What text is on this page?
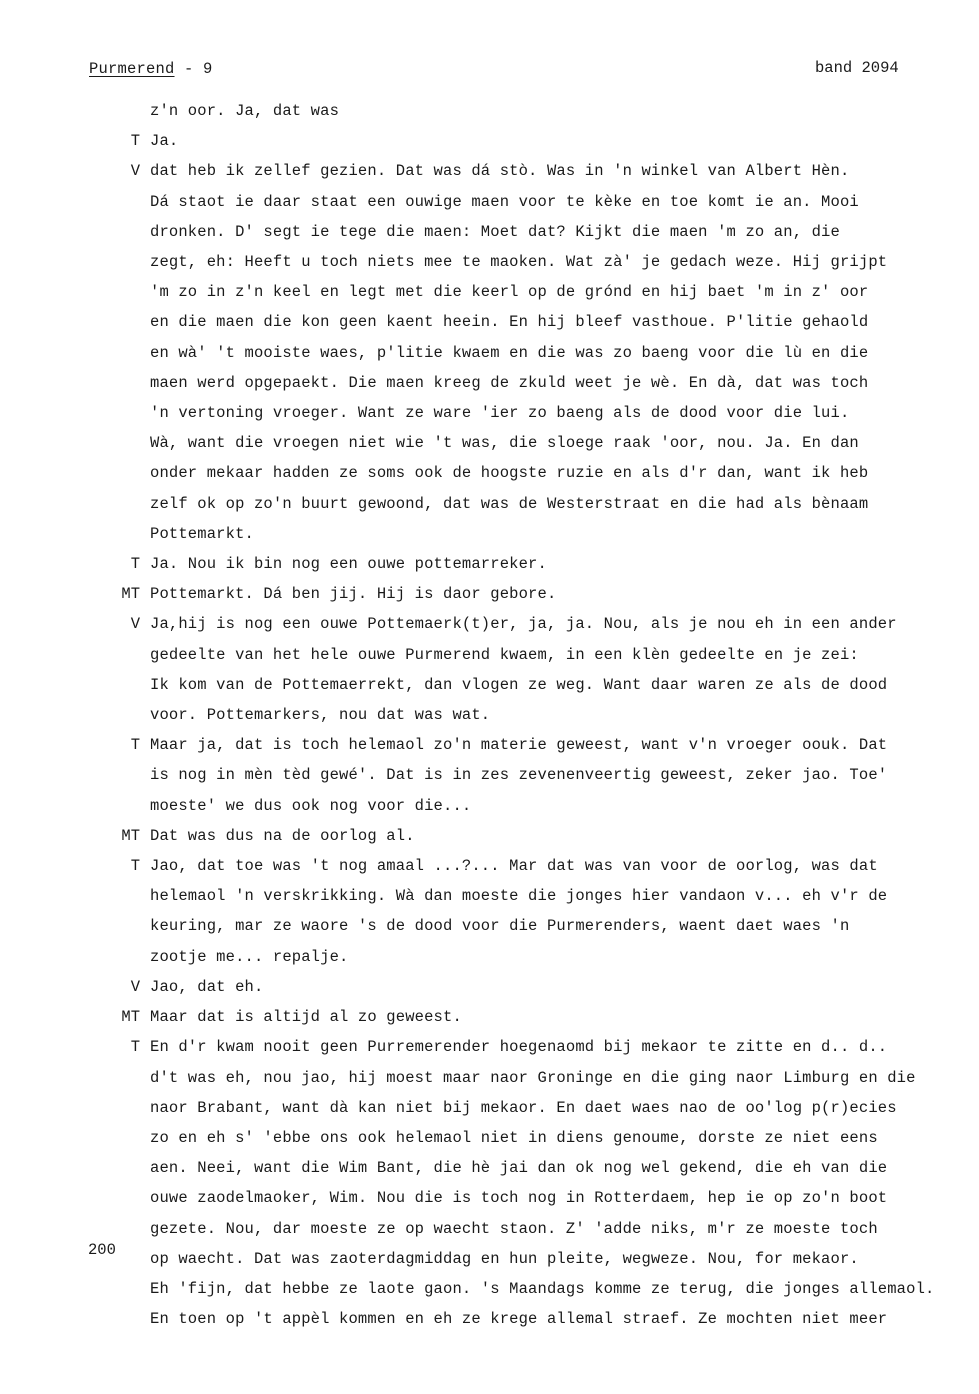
Purmerend - 9	band 2094
200
z'n oor. Ja, dat was
T Ja.
V dat heb ik zellef gezien. Dat was dá stò. Was in 'n winkel van Albert Hèn.
Dá staot ie daar staat een ouwige maen voor te kèke en toe komt ie an. Mooi
dronken. D' segt ie tege die maen: Moet dat? Kijkt die maen 'm zo an, die
zegt, eh: Heeft u toch niets mee te maoken. Wat zà' je gedach weze. Hij grijpt
'm zo in z'n keel en legt met die keerl op de grónd en hij baet 'm in z' oor
en die maen die kon geen kaent heein. En hij bleef vasthoue. P'litie gehaold
en wà' 't mooiste waes, p'litie kwaem en die was zo baeng voor die lù en die
maen werd opgepaekt. Die maen kreeg de zkuld weet je wè. En dà, dat was toch
'n vertoning vroeger. Want ze ware 'ier zo baeng als de dood voor die lui.
Wà, want die vroegen niet wie 't was, die sloege raak 'oor, nou. Ja. En dan
onder mekaar hadden ze soms ook de hoogste ruzie en als d'r dan, want ik heb
zelf ok op zo'n buurt gewoond, dat was de Westerstraat en die had als bènaam
Pottemarkt.
T Ja. Nou ik bin nog een ouwe pottemarreker.
MT Pottemarkt. Dá ben jij. Hij is daor gebore.
V Ja,hij is nog een ouwe Pottemaerk(t)er, ja, ja. Nou, als je nou eh in een ander
gedeelte van het hele ouwe Purmerend kwaem, in een klèn gedeelte en je zei:
Ik kom van de Pottemaerrekt, dan vlogen ze weg. Want daar waren ze als de dood
voor. Pottemarkers, nou dat was wat.
T Maar ja, dat is toch helemaol zo'n materie geweest, want v'n vroeger oouk. Dat
is nog in mèn tèd gewé'. Dat is in zes zevenenveertig geweest, zeker jao. Toe'
moeste' we dus ook nog voor die...
MT Dat was dus na de oorlog al.
T Jao, dat toe was 't nog amaal ...?... Mar dat was van voor de oorlog, was dat
helemaol 'n verskrikking. Wà dan moeste die jonges hier vandaon v... eh v'r de
keuring, mar ze waore 's de dood voor die Purmerenders, waent daet waes 'n
zootje me... repalje.
V Jao, dat eh.
MT Maar dat is altijd al zo geweest.
T En d'r kwam nooit geen Purremerender hoegenaomd bij mekaor te zitte en d.. d..
d't was eh, nou jao, hij moest maar naor Groninge en die ging naor Limburg en die
naor Brabant, want dà kan niet bij mekaor. En daet waes nao de oo'log p(r)ecies
zo en eh s' 'ebbe ons ook helemaol niet in diens genoume, dorste ze niet eens
aen. Neei, want die Wim Bant, die hè jai dan ok nog wel gekend, die eh van die
ouwe zaodelmaoker, Wim. Nou die is toch nog in Rotterdaem, hep ie op zo'n boot
gezete. Nou, dar moeste ze op waecht staon. Z' 'adde niks, m'r ze moeste toch
op waecht. Dat was zaoterdagmiddag en hun pleite, wegweze. Nou, for mekaor.
Eh 'fijn, dat hebbe ze laote gaon. 's Maandags komme ze terug, die jonges allemaol.
En toen op 't appèl kommen en eh ze krege allemal straef. Ze mochten niet meer
